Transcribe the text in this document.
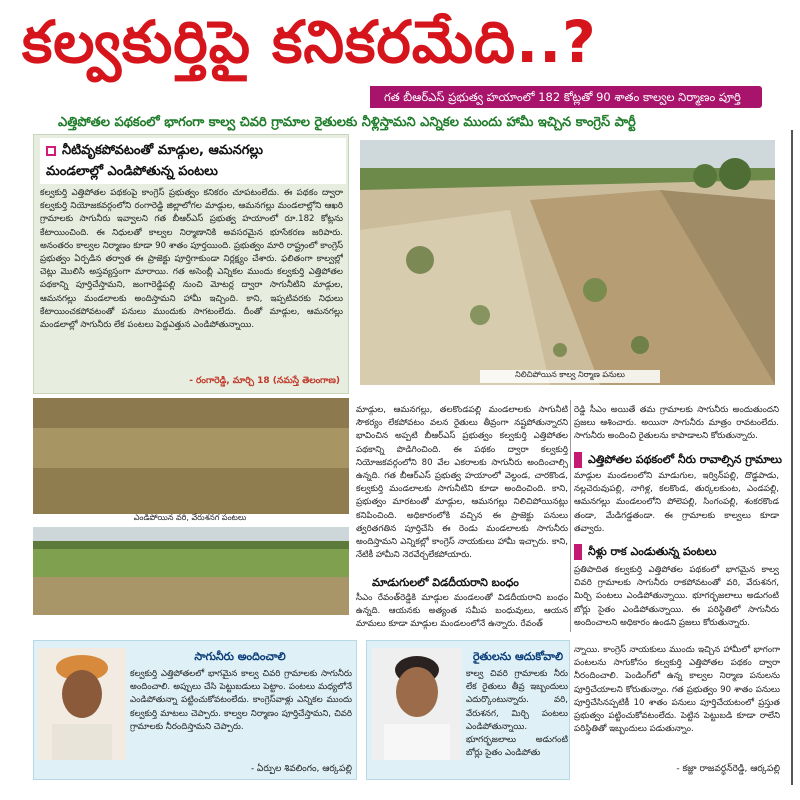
కల్వకుర్తిపై కనికరమేది..?
గత బీఆర్ఎస్ ప్రభుత్వ హయాంలో 182 కోట్లతో 90 శాతం కాల్వల నిర్మాణం పూర్తి
ఎత్తిపోతల పథకంలో భాగంగా కాల్వ చివరి గ్రామాల రైతులకు నీళ్లిస్తామని ఎన్నికల ముందు హామీ ఇచ్చిన కాంగ్రెస్ పార్టీ
నీటివృకపోవటంతో మాడ్గుల, ఆమనగల్లు
మండలాల్లో ఎండిపోతున్న పంటలు
కల్వకుర్తి ఎత్తిపోతల పథకంపై కాంగ్రెస్ ప్రభుత్వం కనికరం చూపటంలేదు. ఈ పథకం ద్వారా కల్వకుర్తి నియోజకవర్గంలోని రంగారెడ్డి జిల్లాలోగల మాడ్గుల, ఆమనగల్లు మండలాల్లోని ఆఖరి గ్రామాలకు సాగునీరు ఇవ్వాలని గత బీఆర్ఎస్ ప్రభుత్వ హయాంలో రూ.182 కోట్లను కేటాయించింది. ఈ నిధులతో కాల్వల నిర్మాణానికి అవసరమైన భూసేకరణ జరిపారు. అనంతరం కాల్వల నిర్మాణం కూడా 90 శాతం పూర్తయింది. ప్రభుత్వం మారి రాష్ట్రంలో కాంగ్రెస్ ప్రభుత్వం ఏర్పడిన తర్వాత ఈ ప్రాజెక్టు పూర్తిగాకుండా నిర్లక్ష్యం చేశారు. ఫలితంగా కాల్వల్లో చెట్లు మొలిసి అస్తవ్యస్తంగా మారాయి. గత అసెంబ్లీ ఎన్నికల ముందు కల్వకుర్తి ఎత్తిపోతల పథకాన్ని పూర్తిచేస్తామని, జంగారెడ్డిపల్లి నుంచి మోటర్ల ద్వారా సాగునీటిని మాడ్గుల, ఆమనగల్లు మండలాలకు అందిస్తామని హామీ ఇచ్చింది. కాని, ఇప్పటివరకు నిధులు కేటాయించకపోవటంతో పనులు ముందుకు సాగటంలేదు. దీంతో మాడ్గుల, ఆమనగల్లు మండలాల్లో సాగునీరు లేక పంటలు పెద్దఎత్తున ఎండిపోతున్నాయి.
- రంగారెడ్డి, మార్చి 18 (నమస్తే తెలంగాణ)
నిలిచిపోయిన కాల్వ నిర్మాణ పనులు
ఎండిపోయిన వరి, వేరుశనగ పంటలు
మాడ్గుల, ఆమనగల్లు, తలకొండపల్లి మండలాలకు సాగునీటి సౌకర్యం లేకపోవటం వలన రైతులు తీవ్రంగా నష్టపోతున్నారని భావించిన అప్పటి బీఆర్ఎస్ ప్రభుత్వం కల్వకుర్తి ఎత్తిపోతల పథకాన్ని పొడిగించింది. ఈ పథకం ద్వారా కల్వకుర్తి నియోజకవర్గంలోని 80 వేల ఎకరాలకు సాగునీరు అందించాల్సి ఉన్నది. గత బీఆర్ఎస్ ప్రభుత్వ హయాంలో వెల్దండ, చారకొండ, కల్వకుర్తి మండలాలకు సాగునీటిని కూడా అందించింది. కాని, ప్రభుత్వం మారటంతో మాడ్గుల, ఆమనగల్లు నిలిచిపోయినట్లు కనిపించింది. అధికారంలోకి వచ్చిన ఈ ప్రాజెక్టు పనులు త్వరితగతిన పూర్తిచేసి ఈ రెండు మండలాలకు సాగునీరు అందిస్తామని ఎన్నికల్లో కాంగ్రెస్ నాయకులు హామీ ఇచ్చారు. కాని, నేటికీ హామీని నెరవేర్చలేకపోయారు.
మాడుగులలో విడదీయరాని బంధం
సీఎం రేవంత్‌రెడ్డికి మాడ్గుల మండలంతో విడదీయరాని బంధం ఉన్నది. ఆయనకు అత్యంత సమీప బంధువులు, ఆయన మామలు కూడా మాడ్గుల మండలంలోనే ఉన్నారు. రేవంత్
రెడ్డి సీఎం అయితే తమ గ్రామాలకు సాగునీరు అందుతుందని ప్రజలు ఆశించారు. అయినా సాగునీరు మాత్రం రావటంలేదు. సాగునీరు అందించి రైతులను కాపాడాలని కోరుతున్నారు.
ఎత్తిపోతల పథకంలో నీరు రావాల్సిన గ్రామాలు
మాడ్గుల మండలంలోని మాడుగుల, ఇర్విన్‌పల్లి, దొడ్డపాడు, నల్లచెరువుపల్లి, నాగిళ్ల, కలకొండ, తుర్కలకుంట, ఎండపల్లి, ఆమనగల్లు మండలంలోని పోలెపల్లి, సింగంపల్లి, శంకరకొండ తండా, మేడిగడ్డతండా. ఈ గ్రామాలకు కాల్వలు కూడా తవ్వారు.
నీళ్లు రాక ఎండుతున్న పంటలు
ప్రతిపాదిత కల్వకుర్తి ఎత్తిపోతల పథకంలో భాగమైన కాల్వ చివరి గ్రామాలకు సాగునీరు రాకపోవటంతో వరి, వేరుశనగ, మిర్చి పంటలు ఎండిపోతున్నాయి. భూగర్భజలాలు అడుగంటి బోర్లు సైతం ఎండిపోతున్నాయి. ఈ పరిస్థితిలో సాగునీరు అందించాలని అధికారం ఉండని ప్రజలు కోరుతున్నారు.
సాగునీరు అందించాలి
కల్వకుర్తి ఎత్తిపోతలలో భాగమైన కాల్వ చివరి గ్రామాలకు సాగునీరు అందించాలి. అప్పులు చేసి పెట్టుబడులు పెట్టాం. పంటలు మధ్యలోనే ఎండిపోతున్నా పట్టించుకోవటంలేదు. కాంగ్రెస్‌వాళ్లు ఎన్నికల ముందు కల్వకుర్తి మాటలు చెప్పారు. కాల్వల నిర్మాణం పూర్తిచేస్తామని, చివరి గ్రామాలకు నీరందిస్తామని చెప్పారు.
- ఏర్పుల శివలింగం, ఆర్కపల్లి
రైతులను ఆదుకోవాలి
కాల్వ చివరి గ్రామాలకు నీరు లేక రైతులు తీవ్ర ఇబ్బందులు ఎదుర్కొంటున్నారు. వరి, వేరుశనగ, మిర్చి పంటలు ఎండిపోతున్నాయి. భూగర్భజలాలు అడుగంటి బోర్లు సైతం ఎండిపోతు
న్నాయి. కాంగ్రెస్ నాయకులు ముందు ఇచ్చిన హామీలో భాగంగా పంటలను సాగుకోసం కల్వకుర్తి ఎత్తిపోతల పథకం ద్వారా నీరందించాలి. పెండింగ్‌లో ఉన్న కాల్వల నిర్మాణ పనులను పూర్తిచేయాలని కోరుతున్నాం. గత ప్రభుత్వం 90 శాతం పనులు పూర్తిచేసినప్పటికీ 10 శాతం పనులు పూర్తిచేయటంలో ప్రస్తుత ప్రభుత్వం పట్టించుకోవటంలేదు. పెట్టిన పెట్టుబడి కూడా రాలేని పరిస్థితితో ఇబ్బందులు పడుతున్నాం.
- కజ్జా రాజవర్ధన్‌రెడ్డి, ఆర్కపల్లి
